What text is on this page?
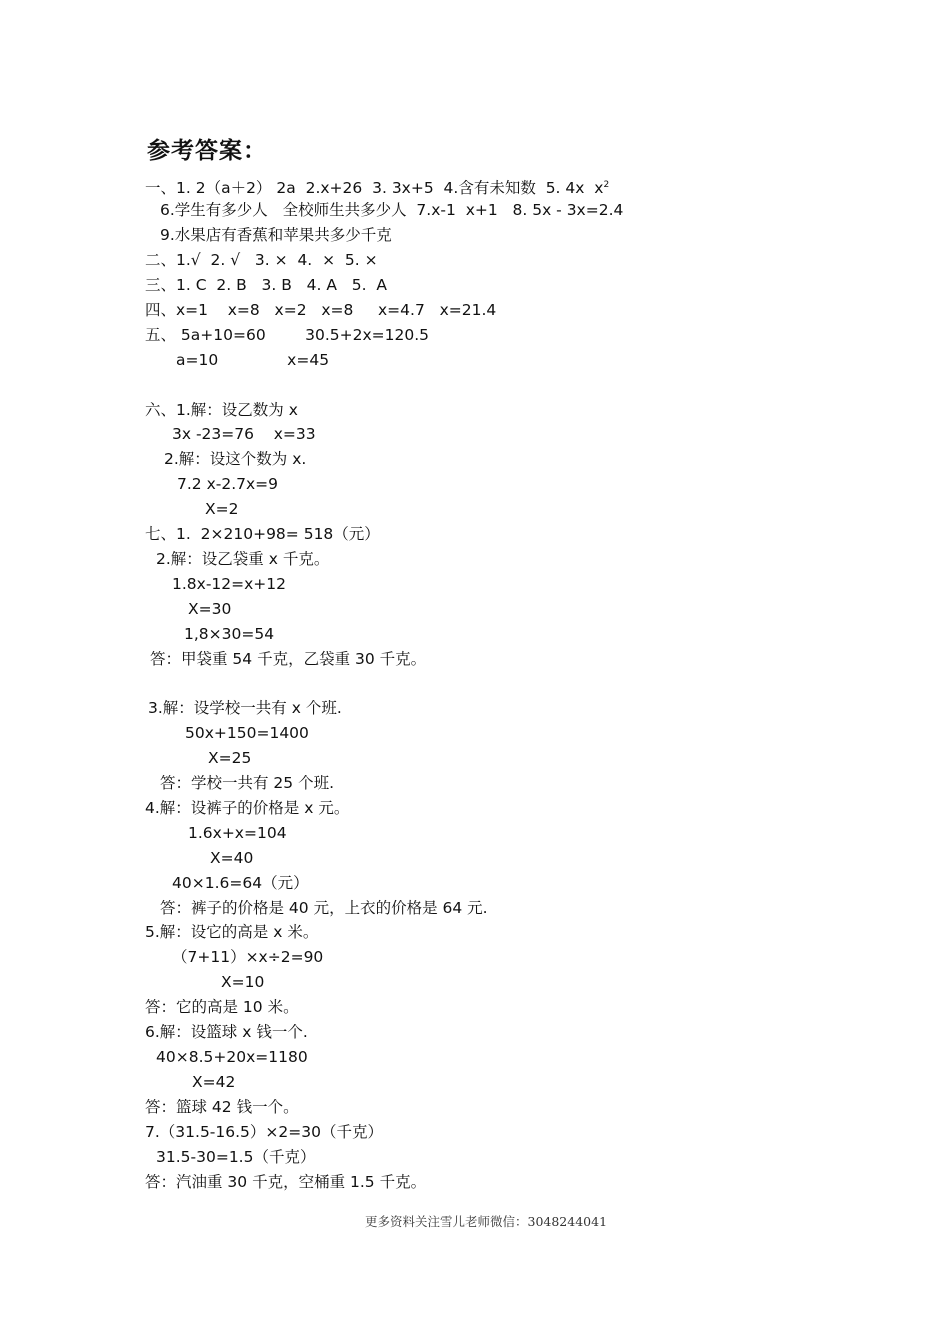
参考答案：
一、1. 2（a＋2） 2a  2.x+26  3. 3x+5  4.含有未知数  5. 4x  $x^2$
6.学生有多少人   全校师生共多少人  7.x-1  x+1   8. 5x - 3x=2.4
9.水果店有香蕉和苹果共多少千克
二、1.√  2. √   3. ×  4.  ×  5. ×
三、1. C  2. B   3. B   4. A   5.  A
四、x=1    x=8   x=2   x=8     x=4.7   x=21.4
五、 5a+10=60        30.5+2x=120.5
a=10              x=45
六、1.解：设乙数为 x
3x -23=76    x=33
2.解：设这个数为 x.
7.2 x-2.7x=9
X=2
七、1.  2×210+98= 518（元）
2.解：设乙袋重 x 千克。
1.8x-12=x+12
X=30
1,8×30=54
答：甲袋重 54 千克，乙袋重 30 千克。
3.解：设学校一共有 x 个班.
50x+150=1400
X=25
答：学校一共有 25 个班.
4.解：设裤子的价格是 x 元。
1.6x+x=104
X=40
40×1.6=64（元）
答：裤子的价格是 40 元，上衣的价格是 64 元.
5.解：设它的高是 x 米。
（7+11）×x÷2=90
X=10
答：它的高是 10 米。
6.解：设篮球 x 钱一个.
40×8.5+20x=1180
X=42
答：篮球 42 钱一个。
7.（31.5-16.5）×2=30（千克）
31.5-30=1.5（千克）
答：汽油重 30 千克，空桶重 1.5 千克。
更多资料关注雪儿老师微信：3048244041
